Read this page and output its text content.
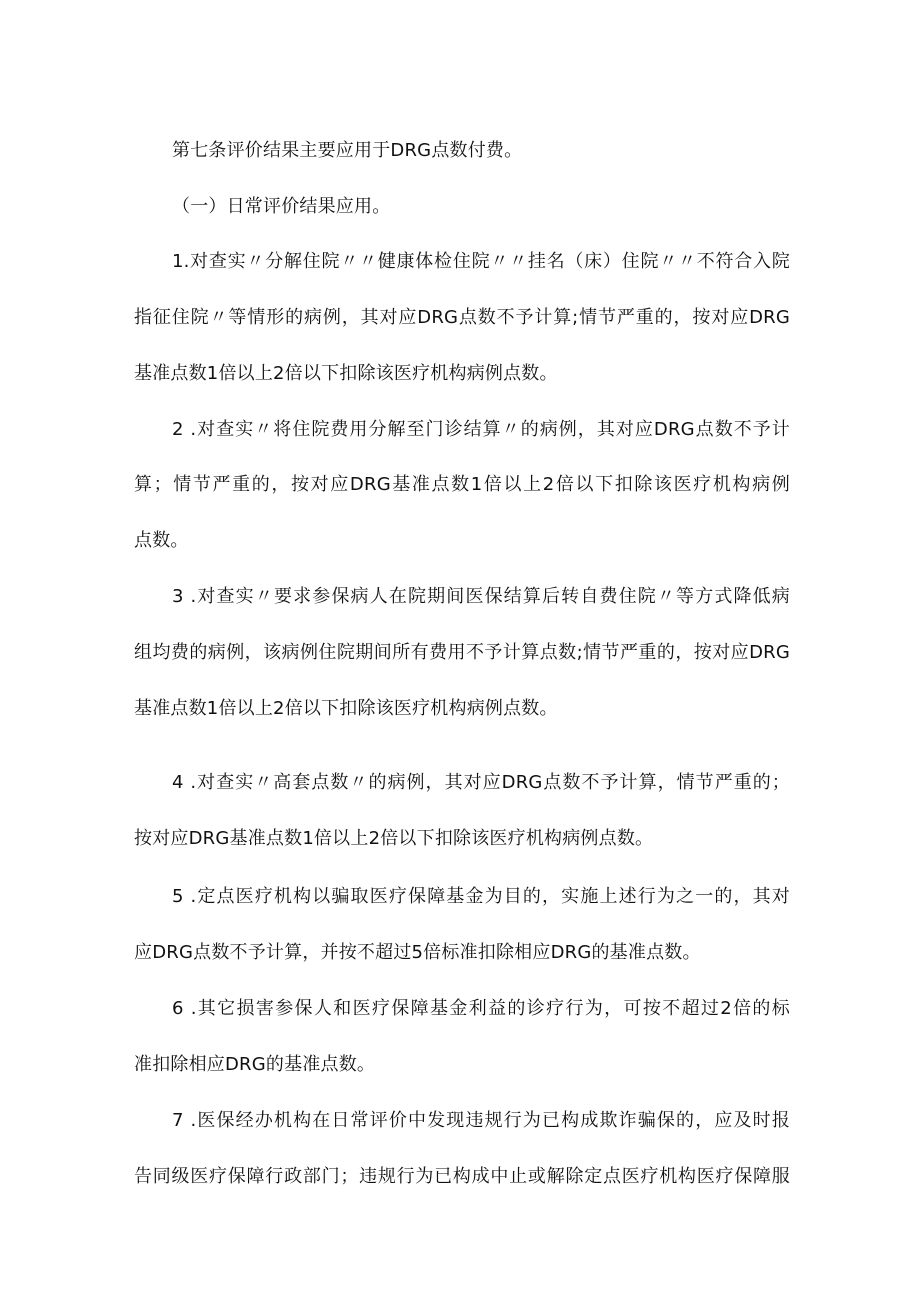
第七条评价结果主要应用于DRG点数付费。
（一）日常评价结果应用。
1.对查实〃分解住院〃〃健康体检住院〃〃挂名（床）住院〃〃不符合入院
指征住院〃等情形的病例，其对应DRG点数不予计算;情节严重的，按对应DRG
基准点数1倍以上2倍以下扣除该医疗机构病例点数。
2 .对查实〃将住院费用分解至门诊结算〃的病例，其对应DRG点数不予计
算；情节严重的，按对应DRG基准点数1倍以上2倍以下扣除该医疗机构病例
点数。
3 .对查实〃要求参保病人在院期间医保结算后转自费住院〃等方式降低病
组均费的病例，该病例住院期间所有费用不予计算点数;情节严重的，按对应DRG
基准点数1倍以上2倍以下扣除该医疗机构病例点数。
4 .对查实〃高套点数〃的病例，其对应DRG点数不予计算，情节严重的；
按对应DRG基准点数1倍以上2倍以下扣除该医疗机构病例点数。
5 .定点医疗机构以骗取医疗保障基金为目的，实施上述行为之一的，其对
应DRG点数不予计算，并按不超过5倍标准扣除相应DRG的基准点数。
6 .其它损害参保人和医疗保障基金利益的诊疗行为，可按不超过2倍的标
准扣除相应DRG的基准点数。
7 .医保经办机构在日常评价中发现违规行为已构成欺诈骗保的，应及时报
告同级医疗保障行政部门；违规行为已构成中止或解除定点医疗机构医疗保障服
